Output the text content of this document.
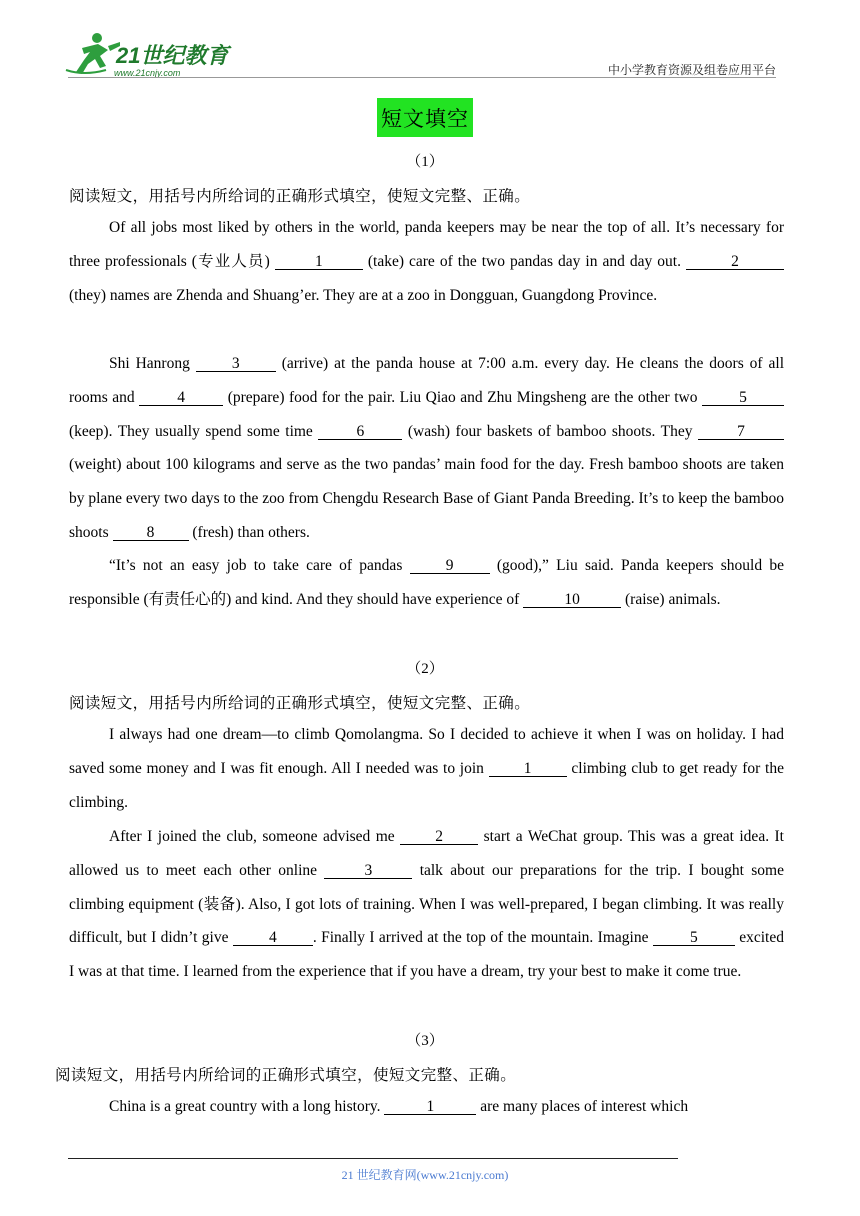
21世纪教育
www.21cnjy.com	中小学教育资源及组卷应用平台
短文填空
（1）
阅读短文，用括号内所给词的正确形式填空，使短文完整、正确。

Of all jobs most liked by others in the world, panda keepers may be near the top of all. It’s necessary for three professionals (专业人员)	1	(take) care of the two pandas day in and day out.	2 (they) names are Zhenda and Shuang’er. They are at a zoo in Dongguan, Guangdong Province.

Shi Hanrong 3 (arrive) at the panda house at 7:00 a.m. every day. He cleans the doors of all rooms and 4 (prepare) food for the pair. Liu Qiao and Zhu Mingsheng are the other two 5 (keep). They usually spend some time 6 (wash) four baskets of bamboo shoots. They	7 (weight) about 100 kilograms and serve as the two pandas’ main food for the day. Fresh bamboo shoots are taken by plane every two days to the zoo from Chengdu Research Base of Giant Panda Breeding. It’s to keep the bamboo shoots 8 (fresh) than others.

“It’s not an easy job to take care of pandas 9 (good),” Liu said. Panda keepers should be responsible (有责任心的) and kind. And they should have experience of	10	(raise) animals.

（2）
阅读短文，用括号内所给词的正确形式填空，使短文完整、正确。

I always had one dream—to climb Qomolangma. So I decided to achieve it when I was on holiday. I had saved some money and I was fit enough. All I needed was to join 1 climbing club to get ready for the climbing.

After I joined the club, someone advised me 2 start a WeChat group. This was a great idea. It allowed us to meet each other online	3	talk about our preparations for the trip. I bought some climbing equipment (装备). Also, I got lots of training. When I was well-prepared, I began climbing. It was really difficult, but I didn’t give 4 . Finally I arrived at the top of the mountain. Imagine 5 excited I was at that time. I learned from the experience that if you have a dream, try your best to make it come true.

（3）
阅读短文，用括号内所给词的正确形式填空，使短文完整、正确。

China is a great country with a long history.	1	are many places of interest which

21 世纪教育网(www.21cnjy.com)
